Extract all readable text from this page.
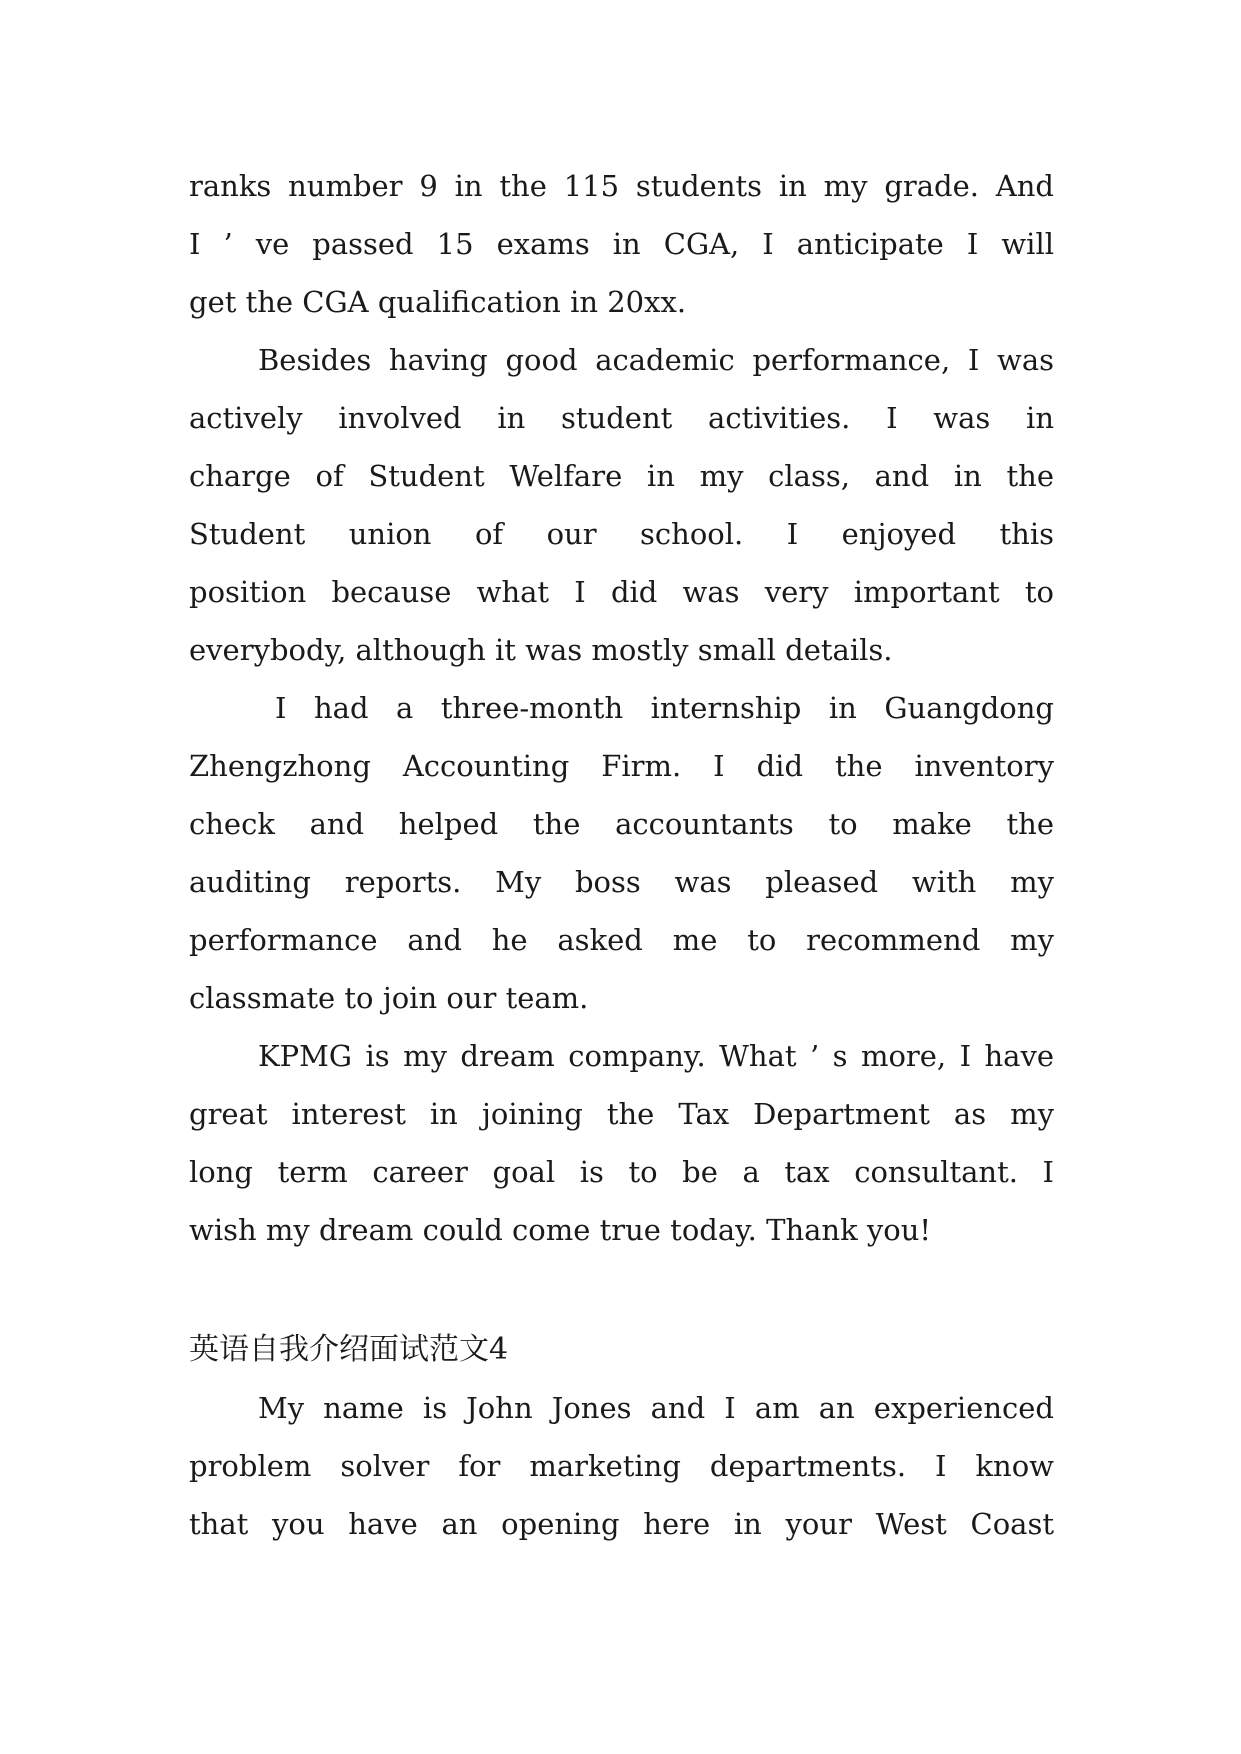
ranks number 9 in the 115 students in my grade. And
I ’ ve passed 15 exams in CGA, I anticipate I will
get the CGA qualification in 20xx.
Besides having good academic performance, I was
actively involved in student activities. I was in
charge of Student Welfare in my class, and in the
Student union of our school. I enjoyed this
position because what I did was very important to
everybody, although it was mostly small details.
I had a three-month internship in Guangdong
Zhengzhong Accounting Firm. I did the inventory
check and helped the accountants to make the
auditing reports. My boss was pleased with my
performance and he asked me to recommend my
classmate to join our team.
KPMG is my dream company. What ’ s more, I have
great interest in joining the Tax Department as my
long term career goal is to be a tax consultant. I
wish my dream could come true today. Thank you!
英语自我介绍面试范文4
My name is John Jones and I am an experienced
problem solver for marketing departments. I know
that you have an opening here in your West Coast
